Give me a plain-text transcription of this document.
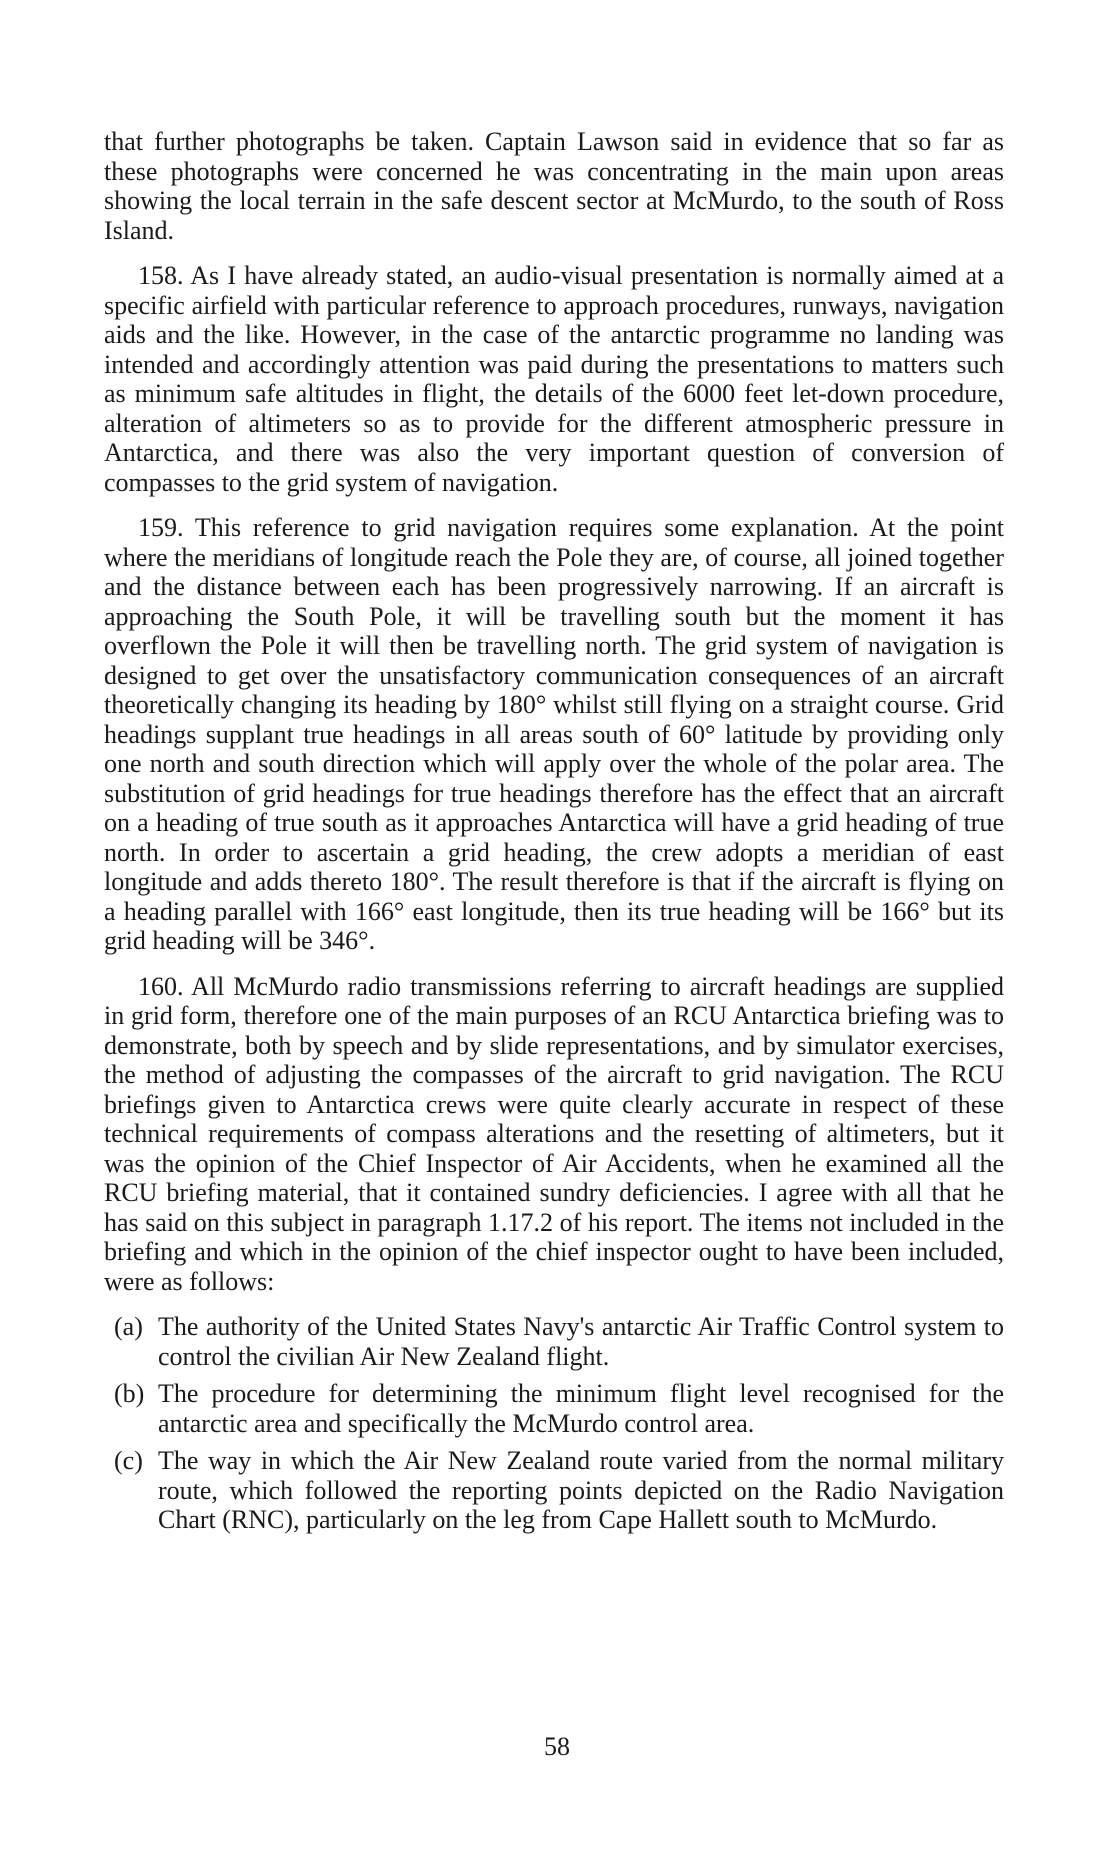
that further photographs be taken. Captain Lawson said in evidence that so far as these photographs were concerned he was concentrating in the main upon areas showing the local terrain in the safe descent sector at McMurdo, to the south of Ross Island.

158. As I have already stated, an audio-visual presentation is normally aimed at a specific airfield with particular reference to approach procedures, runways, navigation aids and the like. However, in the case of the antarctic programme no landing was intended and accordingly attention was paid during the presentations to matters such as minimum safe altitudes in flight, the details of the 6000 feet let-down procedure, alteration of altimeters so as to provide for the different atmospheric pressure in Antarctica, and there was also the very important question of conversion of compasses to the grid system of navigation.

159. This reference to grid navigation requires some explanation. At the point where the meridians of longitude reach the Pole they are, of course, all joined together and the distance between each has been progressively narrowing. If an aircraft is approaching the South Pole, it will be travelling south but the moment it has overflown the Pole it will then be travelling north. The grid system of navigation is designed to get over the unsatisfactory communication consequences of an aircraft theoretically changing its heading by 180° whilst still flying on a straight course. Grid headings supplant true headings in all areas south of 60° latitude by providing only one north and south direction which will apply over the whole of the polar area. The substitution of grid headings for true headings therefore has the effect that an aircraft on a heading of true south as it approaches Antarctica will have a grid heading of true north. In order to ascertain a grid heading, the crew adopts a meridian of east longitude and adds thereto 180°. The result therefore is that if the aircraft is flying on a heading parallel with 166° east longitude, then its true heading will be 166° but its grid heading will be 346°.

160. All McMurdo radio transmissions referring to aircraft headings are supplied in grid form, therefore one of the main purposes of an RCU Antarctica briefing was to demonstrate, both by speech and by slide representations, and by simulator exercises, the method of adjusting the compasses of the aircraft to grid navigation. The RCU briefings given to Antarctica crews were quite clearly accurate in respect of these technical requirements of compass alterations and the resetting of altimeters, but it was the opinion of the Chief Inspector of Air Accidents, when he examined all the RCU briefing material, that it contained sundry deficiencies. I agree with all that he has said on this subject in paragraph 1.17.2 of his report. The items not included in the briefing and which in the opinion of the chief inspector ought to have been included, were as follows:

(a) The authority of the United States Navy's antarctic Air Traffic Control system to control the civilian Air New Zealand flight.
(b) The procedure for determining the minimum flight level recognised for the antarctic area and specifically the McMurdo control area.
(c) The way in which the Air New Zealand route varied from the normal military route, which followed the reporting points depicted on the Radio Navigation Chart (RNC), particularly on the leg from Cape Hallett south to McMurdo.
58
